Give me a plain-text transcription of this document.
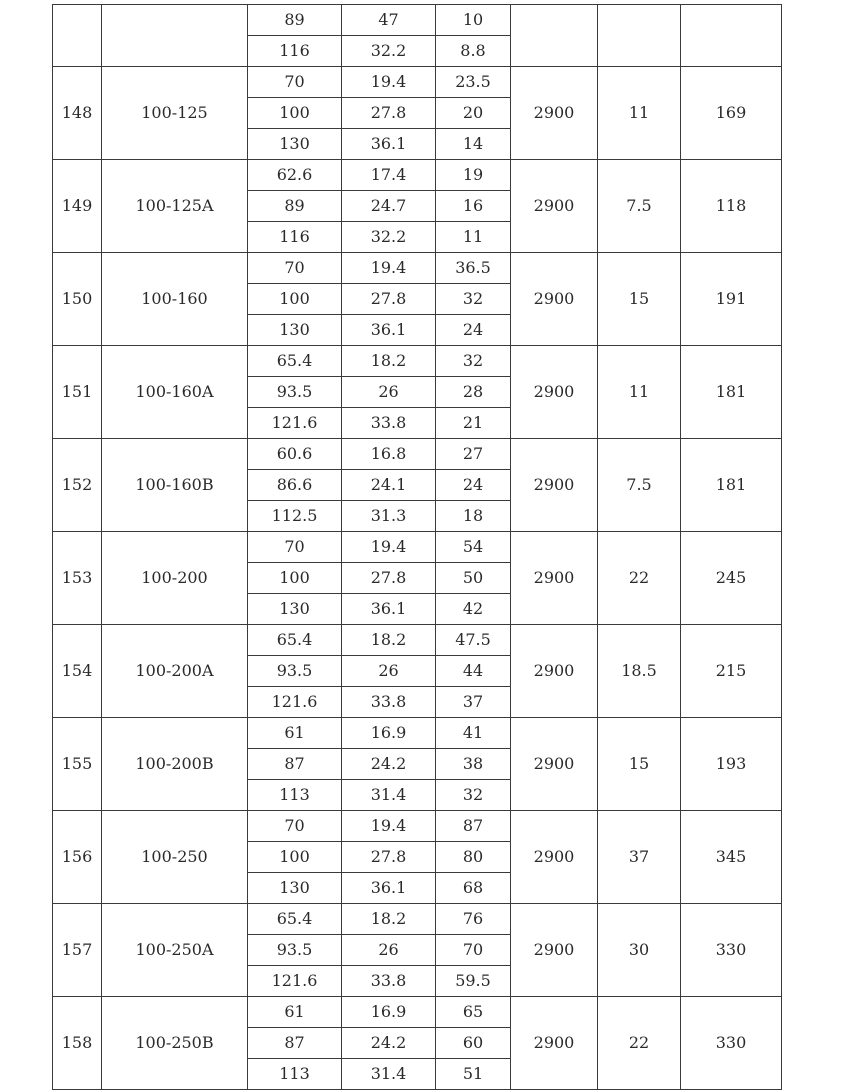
		89	47	10			
		116	32.2	8.8			
148	100-125	70	19.4	23.5	2900	11	169
		100	27.8	20			
		130	36.1	14			
149	100-125A	62.6	17.4	19	2900	7.5	118
		89	24.7	16			
		116	32.2	11			
150	100-160	70	19.4	36.5	2900	15	191
		100	27.8	32			
		130	36.1	24			
151	100-160A	65.4	18.2	32	2900	11	181
		93.5	26	28			
		121.6	33.8	21			
152	100-160B	60.6	16.8	27	2900	7.5	181
		86.6	24.1	24			
		112.5	31.3	18			
153	100-200	70	19.4	54	2900	22	245
		100	27.8	50			
		130	36.1	42			
154	100-200A	65.4	18.2	47.5	2900	18.5	215
		93.5	26	44			
		121.6	33.8	37			
155	100-200B	61	16.9	41	2900	15	193
		87	24.2	38			
		113	31.4	32			
156	100-250	70	19.4	87	2900	37	345
		100	27.8	80			
		130	36.1	68			
157	100-250A	65.4	18.2	76	2900	30	330
		93.5	26	70			
		121.6	33.8	59.5			
158	100-250B	61	16.9	65	2900	22	330
		87	24.2	60			
		113	31.4	51			
